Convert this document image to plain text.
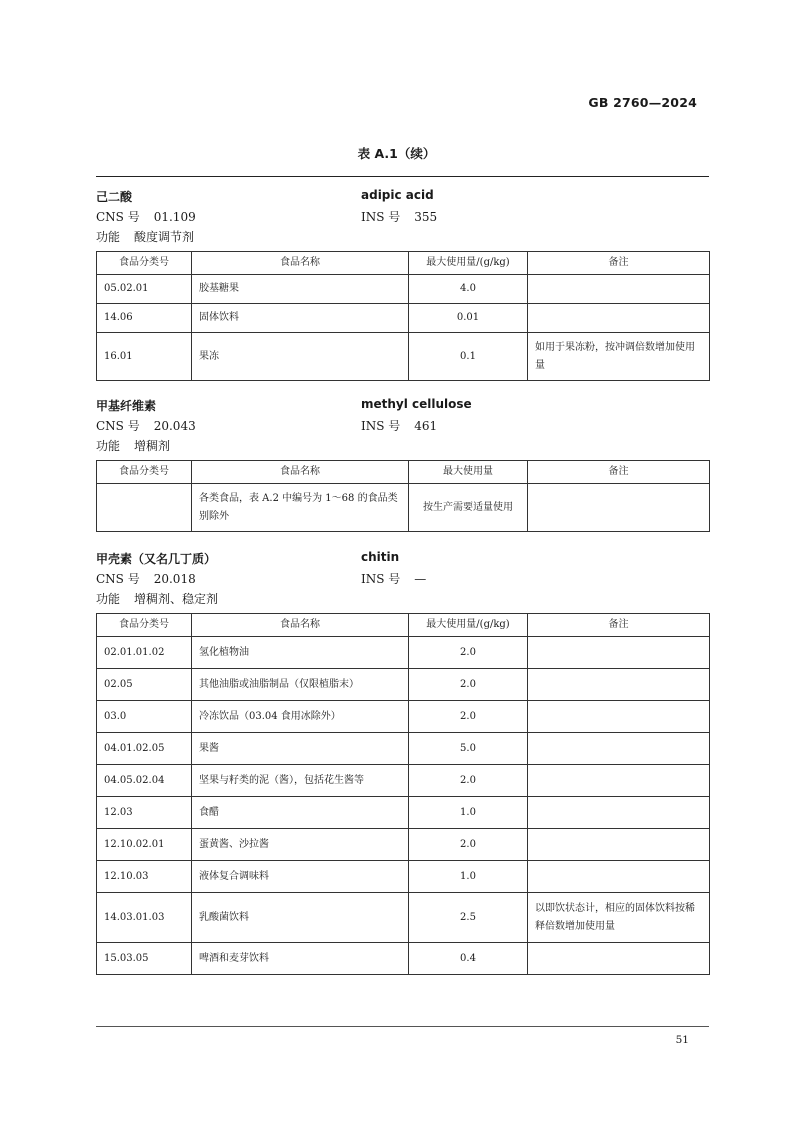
GB 2760—2024
表 A.1（续）
己二酸	adipic acid
CNS 号 01.109	INS 号 355
功能 酸度调节剂
食品分类号	食品名称	最大使用量/(g/kg)	备注
05.02.01	胶基糖果	4.0	
14.06	固体饮料	0.01	
16.01	果冻	0.1	如用于果冻粉，按冲调倍数增加使用量
甲基纤维素	methyl cellulose
CNS 号 20.043	INS 号 461
功能 增稠剂
食品分类号	食品名称	最大使用量	备注
	各类食品，表 A.2 中编号为 1～68 的食品类别除外	按生产需要适量使用	
甲壳素（又名几丁质）	chitin
CNS 号 20.018	INS 号 —
功能 增稠剂、稳定剂
食品分类号	食品名称	最大使用量/(g/kg)	备注
02.01.01.02	氢化植物油	2.0	
02.05	其他油脂或油脂制品（仅限植脂末）	2.0	
03.0	冷冻饮品（03.04 食用冰除外）	2.0	
04.01.02.05	果酱	5.0	
04.05.02.04	坚果与籽类的泥（酱），包括花生酱等	2.0	
12.03	食醋	1.0	
12.10.02.01	蛋黄酱、沙拉酱	2.0	
12.10.03	液体复合调味料	1.0	
14.03.01.03	乳酸菌饮料	2.5	以即饮状态计，相应的固体饮料按稀释倍数增加使用量
15.03.05	啤酒和麦芽饮料	0.4	
51
